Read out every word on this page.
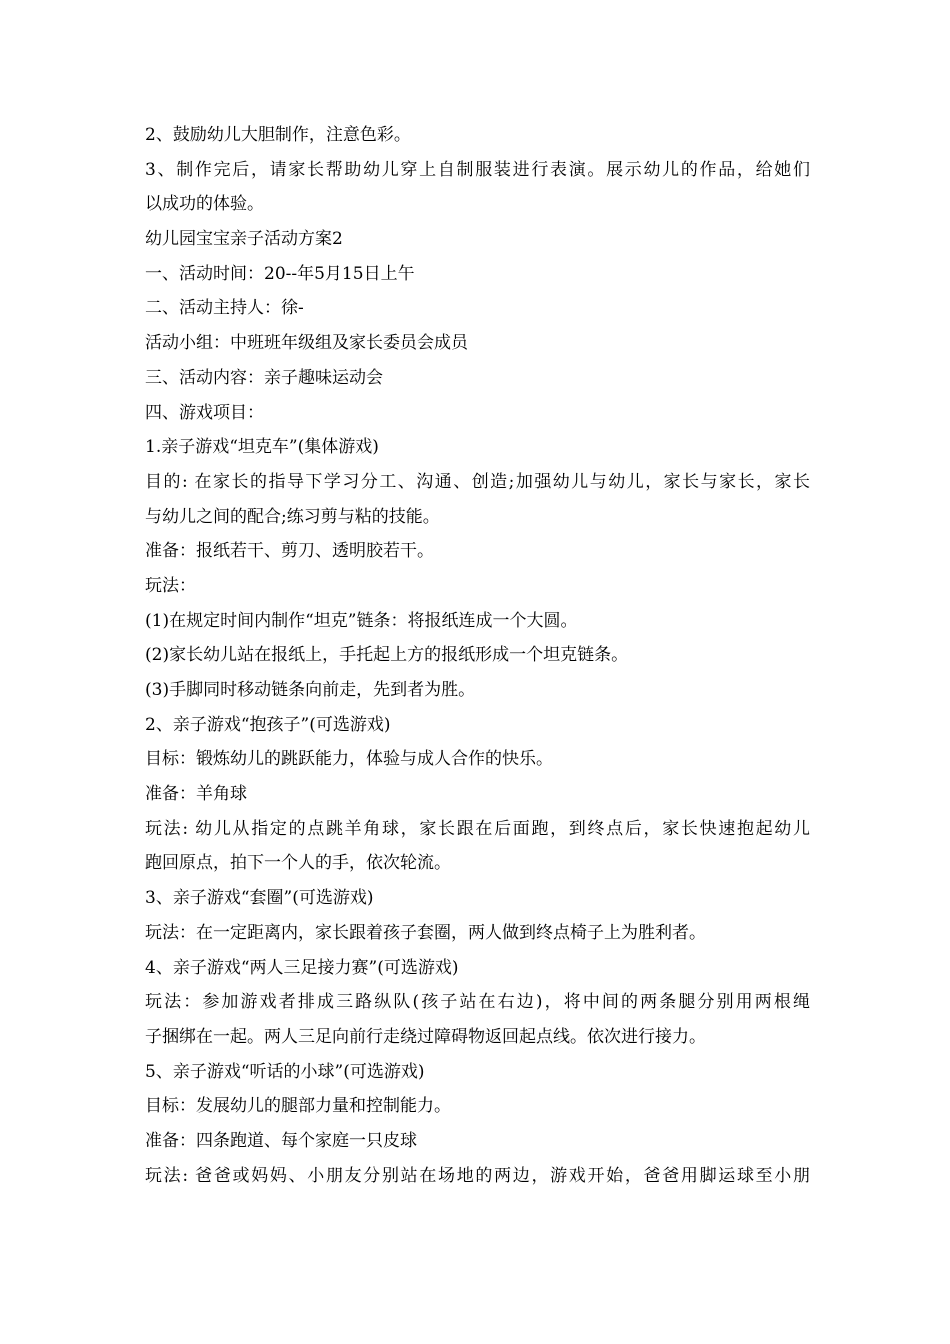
2、鼓励幼儿大胆制作，注意色彩。
3、制作完后，请家长帮助幼儿穿上自制服装进行表演。展示幼儿的作品，给她们
以成功的体验。
幼儿园宝宝亲子活动方案2
一、活动时间：20--年5月15日上午
二、活动主持人：徐-
活动小组：中班班年级组及家长委员会成员
三、活动内容：亲子趣味运动会
四、游戏项目：
1.亲子游戏“坦克车”(集体游戏)
目的: 在家长的指导下学习分工、沟通、创造;加强幼儿与幼儿，家长与家长，家长
与幼儿之间的配合;练习剪与粘的技能。
准备：报纸若干、剪刀、透明胶若干。
玩法：
(1)在规定时间内制作“坦克”链条：将报纸连成一个大圆。
(2)家长幼儿站在报纸上，手托起上方的报纸形成一个坦克链条。
(3)手脚同时移动链条向前走，先到者为胜。
2、亲子游戏“抱孩子”(可选游戏)
目标：锻炼幼儿的跳跃能力，体验与成人合作的快乐。
准备：羊角球
玩法: 幼儿从指定的点跳羊角球，家长跟在后面跑，到终点后，家长快速抱起幼儿
跑回原点，拍下一个人的手，依次轮流。
3、亲子游戏“套圈”(可选游戏)
玩法：在一定距离内，家长跟着孩子套圈，两人做到终点椅子上为胜利者。
4、亲子游戏“两人三足接力赛”(可选游戏)
玩法：参加游戏者排成三路纵队(孩子站在右边)，将中间的两条腿分别用两根绳
子捆绑在一起。两人三足向前行走绕过障碍物返回起点线。依次进行接力。
5、亲子游戏“听话的小球”(可选游戏)
目标：发展幼儿的腿部力量和控制能力。
准备：四条跑道、每个家庭一只皮球
玩法: 爸爸或妈妈、小朋友分别站在场地的两边，游戏开始，爸爸用脚运球至小朋
